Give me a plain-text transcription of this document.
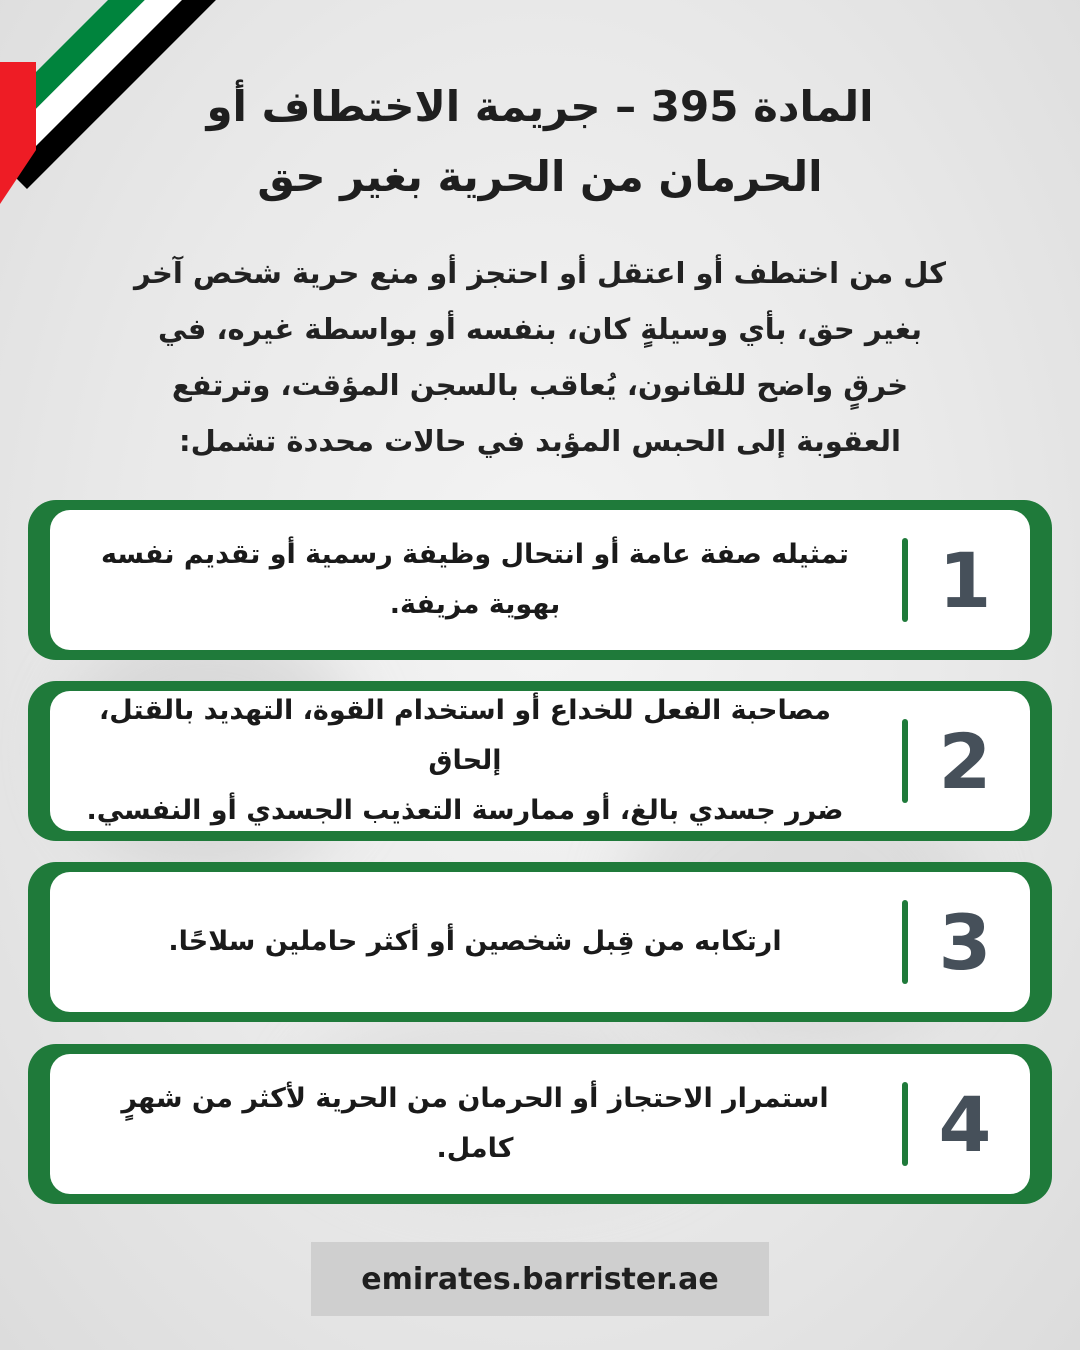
المادة 395 – جريمة الاختطاف أو
الحرمان من الحرية بغير حق
كل من اختطف أو اعتقل أو احتجز أو منع حرية شخص آخر
بغير حق، بأي وسيلةٍ كان، بنفسه أو بواسطة غيره، في
خرقٍ واضح للقانون، يُعاقب بالسجن المؤقت، وترتفع
العقوبة إلى الحبس المؤبد في حالات محددة تشمل:
1
تمثيله صفة عامة أو انتحال وظيفة رسمية أو تقديم نفسه
بهوية مزيفة.
2
مصاحبة الفعل للخداع أو استخدام القوة، التهديد بالقتل، إلحاق
ضرر جسدي بالغ، أو ممارسة التعذيب الجسدي أو النفسي.
3
ارتكابه من قِبل شخصين أو أكثر حاملين سلاحًا.
4
استمرار الاحتجاز أو الحرمان من الحرية لأكثر من شهرٍ كامل.
emirates.barrister.ae
